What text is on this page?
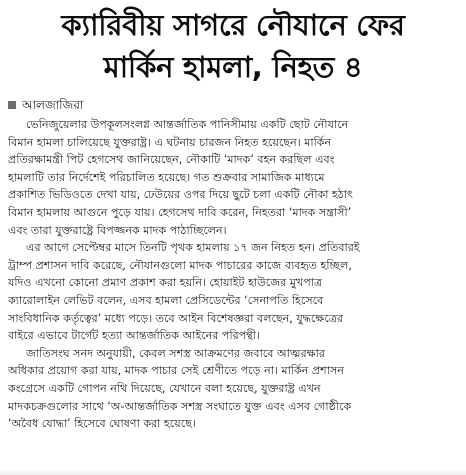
ক্যারিবীয় সাগরে নৌযানে ফের
মার্কিন হামলা, নিহত ৪
আলজাজিরা

ভেনিজুয়েলার উপকূলসংলগ্ন আন্তর্জাতিক পানিসীমায় একটি ছোট নৌযানে
বিমান হামলা চালিয়েছে যুক্তরাষ্ট্র। এ ঘটনায় চারজন নিহত হয়েছেন। মার্কিন
প্রতিরক্ষামন্ত্রী পিট হেগসেথ জানিয়েছেন, নৌকাটি ‘মাদক’ বহন করছিল এবং
হামলাটি তার নির্দেশেই পরিচালিত হয়েছে। গত শুক্রবার সামাজিক মাধ্যমে
প্রকাশিত ভিডিওতে দেখা যায়, ঢেউয়ের ওপর দিয়ে ছুটে চলা একটি নৌকা হঠাৎ
বিমান হামলায় আগুনে পুড়ে যায়। হেগসেথ দাবি করেন, নিহতরা ‘মাদক সন্ত্রাসী’
এবং তারা যুক্তরাষ্ট্রে বিপজ্জনক মাদক পাঠাচ্ছিলেন।

এর আগে সেপ্টেম্বর মাসে তিনটি পৃথক হামলায় ১৭ জন নিহত হন। প্রতিবারই
ট্রাম্প প্রশাসন দাবি করেছে, নৌযানগুলো মাদক পাচারের কাজে ব্যবহৃত হচ্ছিল,
যদিও এখনো কোনো প্রমাণ প্রকাশ করা হয়নি। হোয়াইট হাউজের মুখপাত্র
ক্যারোলাইন লেভিট বলেন, এসব হামলা প্রেসিডেন্টের ‘সেনাপতি হিসেবে
সাংবিধানিক কর্তৃত্বের’ মধ্যে পড়ে। তবে আইন বিশেষজ্ঞরা বলছেন, যুদ্ধক্ষেত্রের
বাইরে এভাবে টার্গেট হত্যা আন্তর্জাতিক আইনের পরিপন্থী।

জাতিসংঘ সনদ অনুযায়ী, কেবল সশস্ত্র আক্রমণের জবাবে আত্মরক্ষার
অধিকার প্রয়োগ করা যায়, মাদক পাচার সেই শ্রেণীতে পড়ে না। মার্কিন প্রশাসন
কংগ্রেসে একটি গোপন নথি দিয়েছে, যেখানে বলা হয়েছে, যুক্তরাষ্ট্র এখন
মাদকচক্রগুলোর সাথে ‘অ-আন্তর্জাতিক সশস্ত্র সংঘাতে যুক্ত এবং এসব গোষ্ঠীকে
‘অবৈধ যোদ্ধা’ হিসেবে ঘোষণা করা হয়েছে।
